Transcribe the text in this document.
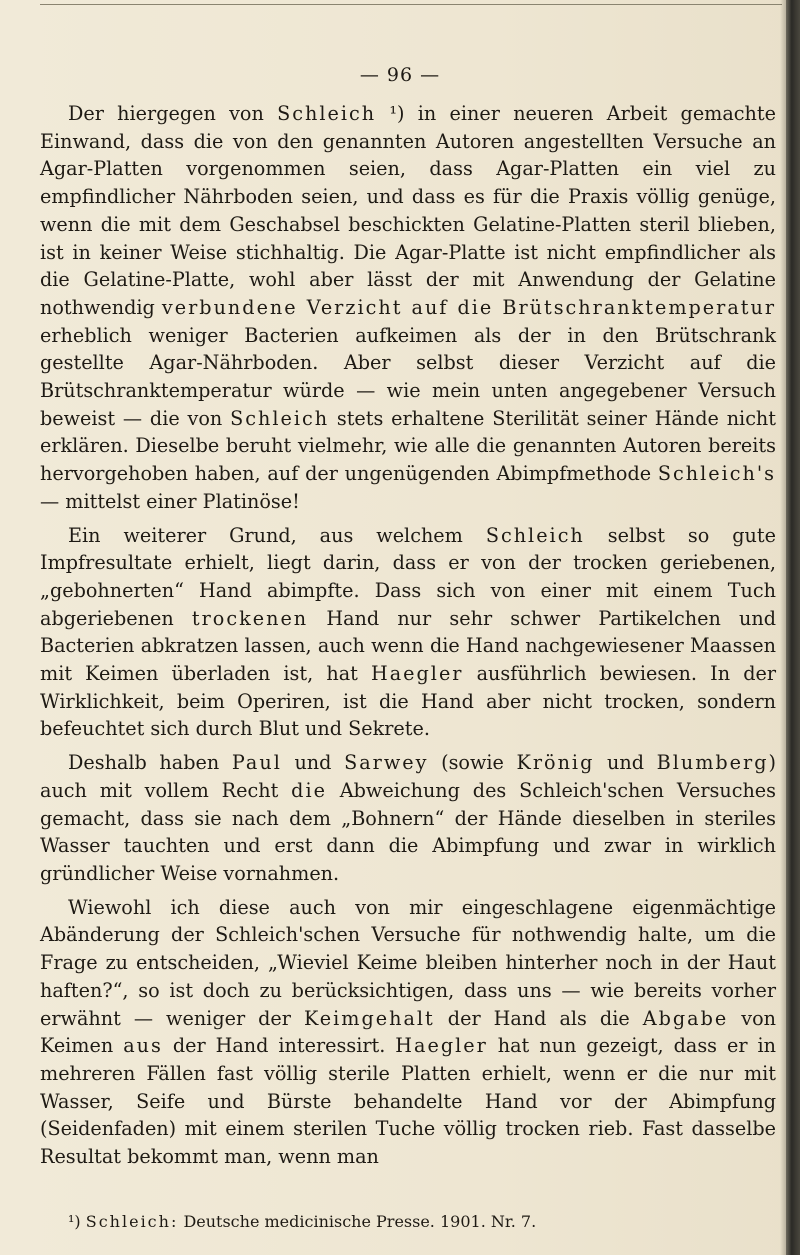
— 96 —

Der hiergegen von Schleich ¹) in einer neueren Arbeit gemachte Einwand, dass die von den genannten Autoren angestellten Versuche an Agar-Platten vorgenommen seien, dass Agar-Platten ein viel zu empfindlicher Nährboden seien, und dass es für die Praxis völlig genüge, wenn die mit dem Geschabsel beschickten Gelatine-Platten steril blieben, ist in keiner Weise stichhaltig. Die Agar-Platte ist nicht empfindlicher als die Gelatine-Platte, wohl aber lässt der mit Anwendung der Gelatine nothwendig verbundene Verzicht auf die Brütschranktemperatur erheblich weniger Bacterien aufkeimen als der in den Brütschrank gestellte Agar-Nährboden. Aber selbst dieser Verzicht auf die Brütschranktemperatur würde — wie mein unten angegebener Versuch beweist — die von Schleich stets erhaltene Sterilität seiner Hände nicht erklären. Dieselbe beruht vielmehr, wie alle die genannten Autoren bereits hervorgehoben haben, auf der ungenügenden Abimpfmethode Schleich's — mittelst einer Platinöse!

Ein weiterer Grund, aus welchem Schleich selbst so gute Impfresultate erhielt, liegt darin, dass er von der trocken geriebenen, „gebohnerten“ Hand abimpfte. Dass sich von einer mit einem Tuch abgeriebenen trockenen Hand nur sehr schwer Partikelchen und Bacterien abkratzen lassen, auch wenn die Hand nachgewiesener Maassen mit Keimen überladen ist, hat Haegler ausführlich bewiesen. In der Wirklichkeit, beim Operiren, ist die Hand aber nicht trocken, sondern befeuchtet sich durch Blut und Sekrete.

Deshalb haben Paul und Sarwey (sowie Krönig und Blumberg) auch mit vollem Recht die Abweichung des Schleich'schen Versuches gemacht, dass sie nach dem „Bohnern“ der Hände dieselben in steriles Wasser tauchten und erst dann die Abimpfung und zwar in wirklich gründlicher Weise vornahmen.

Wiewohl ich diese auch von mir eingeschlagene eigenmächtige Abänderung der Schleich'schen Versuche für nothwendig halte, um die Frage zu entscheiden, „Wieviel Keime bleiben hinterher noch in der Haut haften?“, so ist doch zu berücksichtigen, dass uns — wie bereits vorher erwähnt — weniger der Keimgehalt der Hand als die Abgabe von Keimen aus der Hand interessirt. Haegler hat nun gezeigt, dass er in mehreren Fällen fast völlig sterile Platten erhielt, wenn er die nur mit Wasser, Seife und Bürste behandelte Hand vor der Abimpfung (Seidenfaden) mit einem sterilen Tuche völlig trocken rieb. Fast dasselbe Resultat bekommt man, wenn man

¹) Schleich: Deutsche medicinische Presse. 1901. Nr. 7.
